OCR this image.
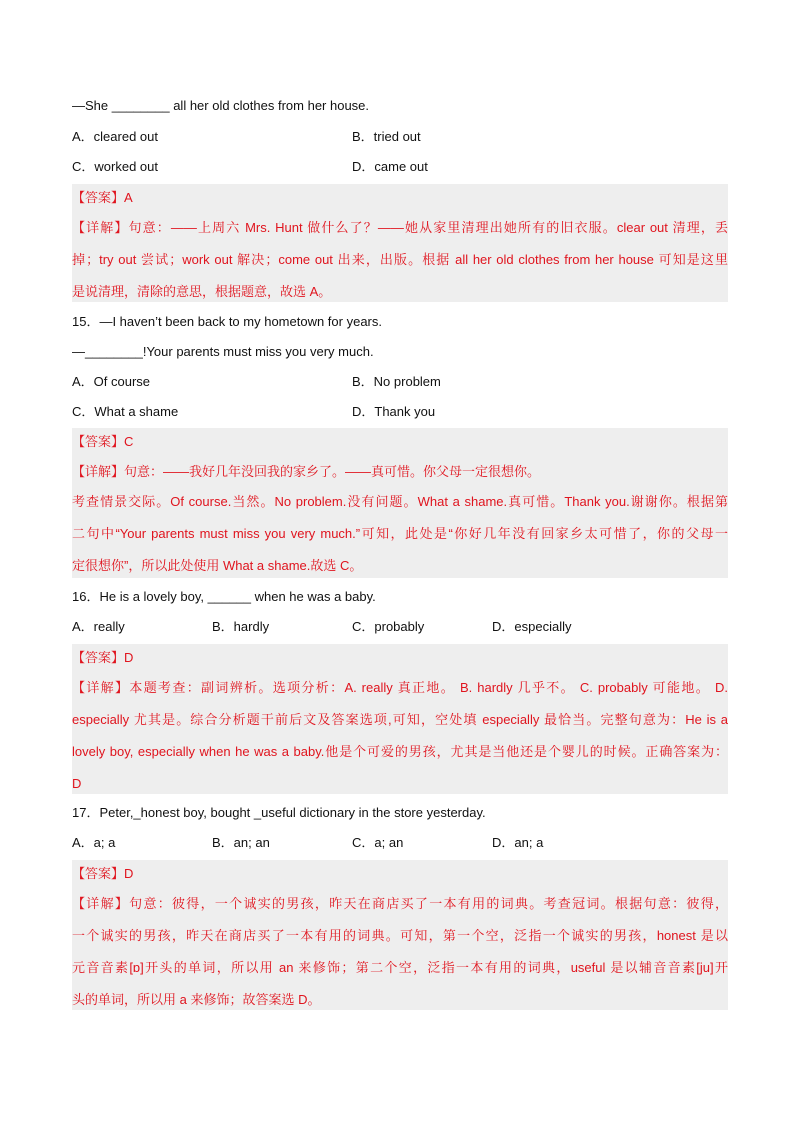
—She ________ all her old clothes from her house.
A．cleared out	B．tried out
C．worked out	D．came out
【答案】A
【详解】句意：——上周六 Mrs. Hunt 做什么了？——她从家里清理出她所有的旧衣服。clear out 清理，丢
掉；try out 尝试；work out 解决；come out 出来，出版。根据 all her old clothes from her house 可知是这里
是说清理，清除的意思，根据题意，故选 A。
15．—I haven’t been back to my hometown for years.
—________!Your parents must miss you very much.
A．Of course	B．No problem
C．What a shame	D．Thank you
【答案】C
【详解】句意：——我好几年没回我的家乡了。——真可惜。你父母一定很想你。
考查情景交际。Of course.当然。No problem.没有问题。What a shame.真可惜。Thank you.谢谢你。根据第
二句中“Your parents must miss you very much.”可知，此处是“你好几年没有回家乡太可惜了，你的父母一
定很想你”，所以此处使用 What a shame.故选 C。
16．He is a lovely boy, ______ when he was a baby.
A．really	B．hardly	C．probably	D．especially
【答案】D
【详解】本题考查：副词辨析。选项分析：A. really 真正地。 B. hardly 几乎不。 C. probably 可能地。 D.
especially 尤其是。综合分析题干前后文及答案选项,可知，空处填 especially 最恰当。完整句意为：He is a
lovely boy, especially when he was a baby.他是个可爱的男孩，尤其是当他还是个婴儿的时候。正确答案为：
D
17．Peter,_honest boy, bought _useful dictionary in the store yesterday.
A．a; a	B．an; an	C．a; an	D．an; a
【答案】D
【详解】句意：彼得，一个诚实的男孩，昨天在商店买了一本有用的词典。考查冠词。根据句意：彼得，
一个诚实的男孩，昨天在商店买了一本有用的词典。可知，第一个空，泛指一个诚实的男孩，honest 是以
元音音素[ɒ]开头的单词，所以用 an 来修饰；第二个空，泛指一本有用的词典，useful 是以辅音音素[ju]开
头的单词，所以用 a 来修饰；故答案选 D。
